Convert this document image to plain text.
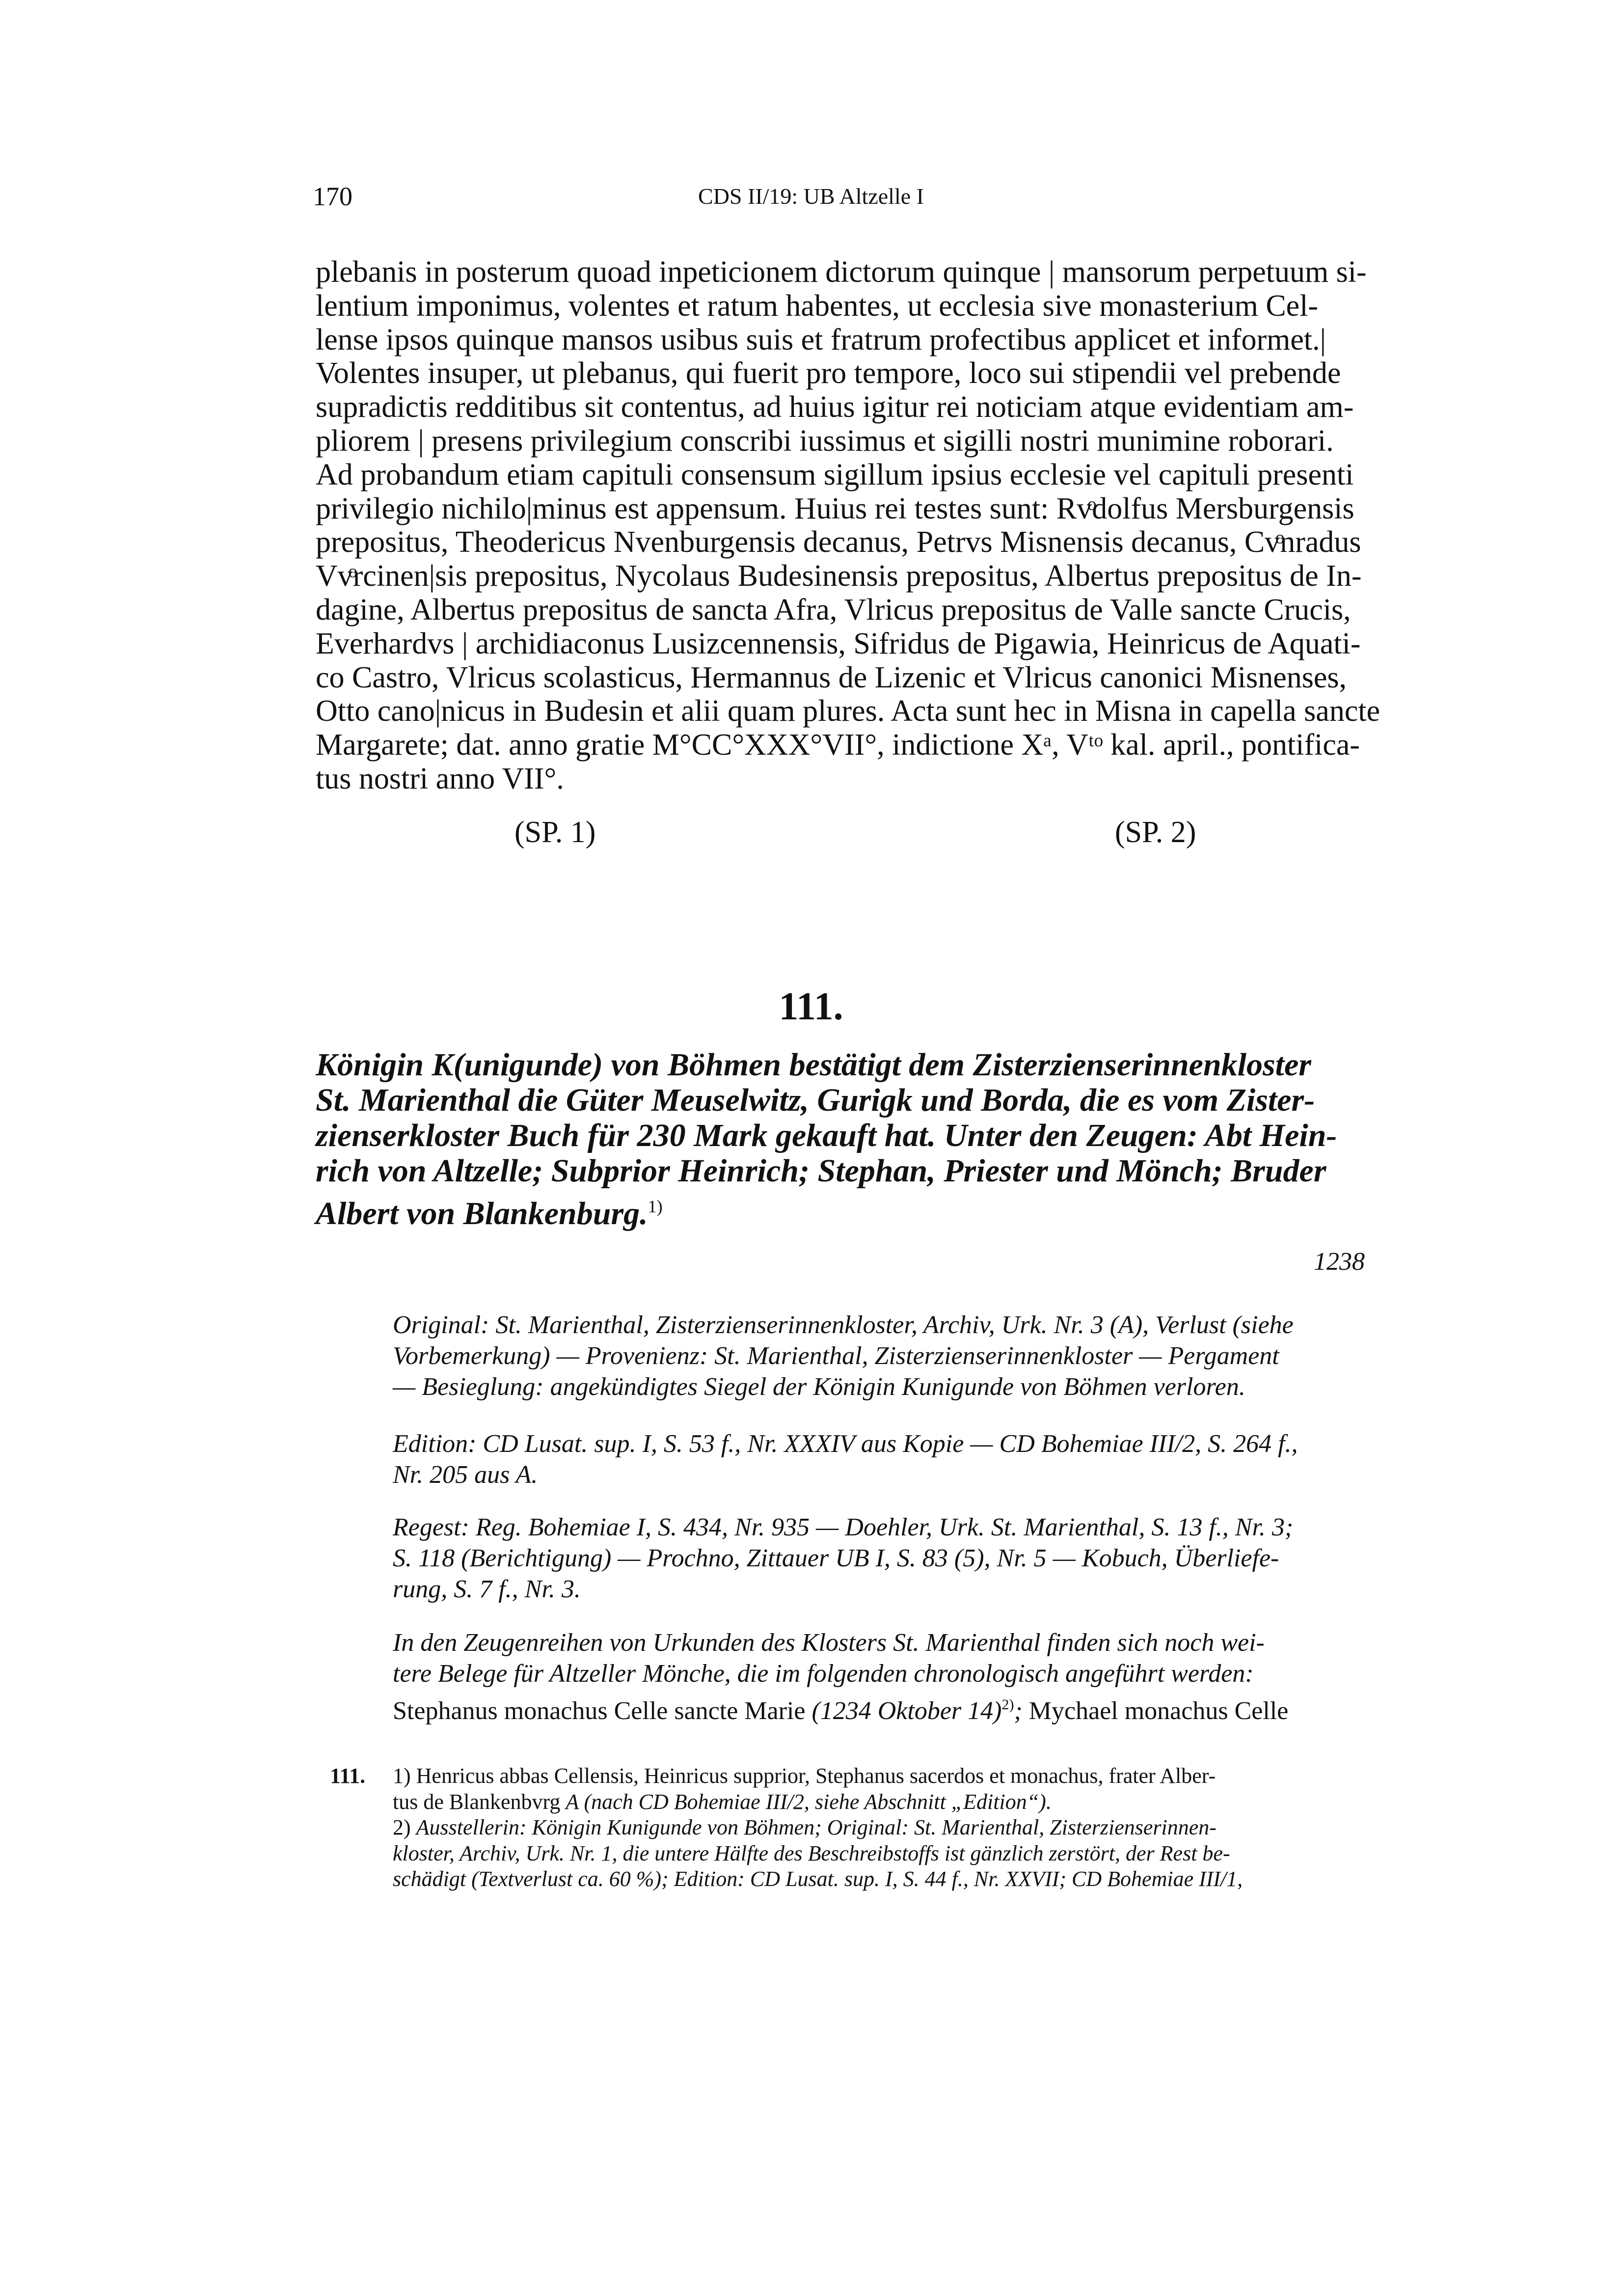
170	CDS II/19: UB Altzelle I
plebanis in posterum quoad inpeticionem dictorum quinque | mansorum perpetuum si-
lentium imponimus, volentes et ratum habentes, ut ecclesia sive monasterium Cel-
lense ipsos quinque mansos usibus suis et fratrum profectibus applicet et informet.|
Volentes insuper, ut plebanus, qui fuerit pro tempore, loco sui stipendii vel prebende
supradictis redditibus sit contentus, ad huius igitur rei noticiam atque evidentiam am-
pliorem | presens privilegium conscribi iussimus et sigilli nostri munimine roborari.
Ad probandum etiam capituli consensum sigillum ipsius ecclesie vel capituli presenti
privilegio nichilo|minus est appensum. Huius rei testes sunt: Rvͦdolfus Mersburgensis
prepositus, Theodericus Nvenburgensis decanus, Petrvs Misnensis decanus, Cvͦnradus
Vvͦrcinen|sis prepositus, Nycolaus Budesinensis prepositus, Albertus prepositus de In-
dagine, Albertus prepositus de sancta Afra, Vlricus prepositus de Valle sancte Crucis,
Everhardvs | archidiaconus Lusizcennensis, Sifridus de Pigawia, Heinricus de Aquati-
co Castro, Vlricus scolasticus, Hermannus de Lizenic et Vlricus canonici Misnenses,
Otto cano|nicus in Budesin et alii quam plures. Acta sunt hec in Misna in capella sancte
Margarete; dat. anno gratie M°CC°XXX°VII°, indictione Xᵃ, Vᵗᵒ kal. april., pontifica-
tus nostri anno VII°.
(SP. 1)	(SP. 2)
111.
Königin K(unigunde) von Böhmen bestätigt dem Zisterzienserinnenkloster
St. Marienthal die Güter Meuselwitz, Gurigk und Borda, die es vom Zister-
zienserkloster Buch für 230 Mark gekauft hat. Unter den Zeugen: Abt Hein-
rich von Altzelle; Subprior Heinrich; Stephan, Priester und Mönch; Bruder
Albert von Blankenburg.$^{1)}$
1238
Original: St. Marienthal, Zisterzienserinnenkloster, Archiv, Urk. Nr. 3 (A), Verlust (siehe
Vorbemerkung) — Provenienz: St. Marienthal, Zisterzienserinnenkloster — Pergament
— Besieglung: angekündigtes Siegel der Königin Kunigunde von Böhmen verloren.
Edition: CD Lusat. sup. I, S. 53 f., Nr. XXXIV aus Kopie — CD Bohemiae III/2, S. 264 f.,
Nr. 205 aus A.
Regest: Reg. Bohemiae I, S. 434, Nr. 935 — Doehler, Urk. St. Marienthal, S. 13 f., Nr. 3;
S. 118 (Berichtigung) — Prochno, Zittauer UB I, S. 83 (5), Nr. 5 — Kobuch, Überliefe-
rung, S. 7 f., Nr. 3.
In den Zeugenreihen von Urkunden des Klosters St. Marienthal finden sich noch wei-
tere Belege für Altzeller Mönche, die im folgenden chronologisch angeführt werden:
Stephanus monachus Celle sancte Marie (1234 Oktober 14)$^{2)}$; Mychael monachus Celle
111. 1) Henricus abbas Cellensis, Heinricus supprior, Stephanus sacerdos et monachus, frater Alber-
tus de Blankenbvrg A (nach CD Bohemiae III/2, siehe Abschnitt „Edition“).
2) Ausstellerin: Königin Kunigunde von Böhmen; Original: St. Marienthal, Zisterzienserinnen-
kloster, Archiv, Urk. Nr. 1, die untere Hälfte des Beschreibstoffs ist gänzlich zerstört, der Rest be-
schädigt (Textverlust ca. 60 %); Edition: CD Lusat. sup. I, S. 44 f., Nr. XXVII; CD Bohemiae III/1,
